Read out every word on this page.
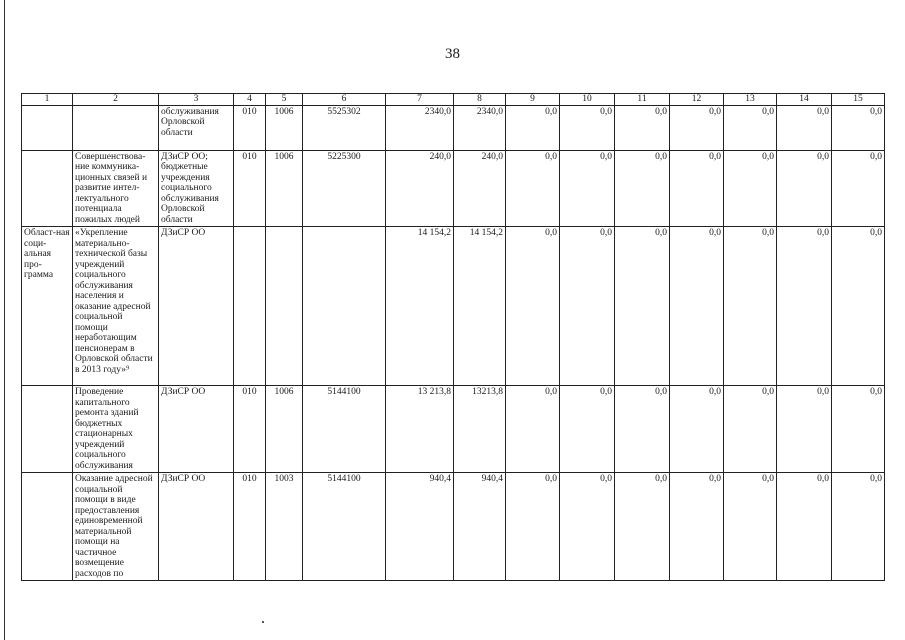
38
1	2	3	4	5	6	7	8	9	10	11	12	13	14	15
		обслуживания Орловской области	010	1006	5525302	2340,0	2340,0	0,0	0,0	0,0	0,0	0,0	0,0	0,0
	Совершенствова-ние коммуника-ционных связей и развитие интел-лектуального потенциала пожилых людей	ДЗиСР ОО; бюджетные учреждения социального обслуживания Орловской области	010	1006	5225300	240,0	240,0	0,0	0,0	0,0	0,0	0,0	0,0	0,0
Област-ная соци-альная про-грамма	«Укрепление материально-технической базы учреждений социального обслуживания населения и оказание адресной социальной помощи неработающим пенсионерам в Орловской области в 2013 году»⁹	ДЗиСР ОО				14 154,2	14 154,2	0,0	0,0	0,0	0,0	0,0	0,0	0,0
	Проведение капитального ремонта зданий бюджетных стационарных учреждений социального обслуживания	ДЗиСР ОО	010	1006	5144100	13 213,8	13213,8	0,0	0,0	0,0	0,0	0,0	0,0	0,0
	Оказание адресной социальной помощи в виде предоставления единовременной материальной помощи на частичное возмещение расходов по	ДЗиСР ОО	010	1003	5144100	940,4	940,4	0,0	0,0	0,0	0,0	0,0	0,0	0,0
